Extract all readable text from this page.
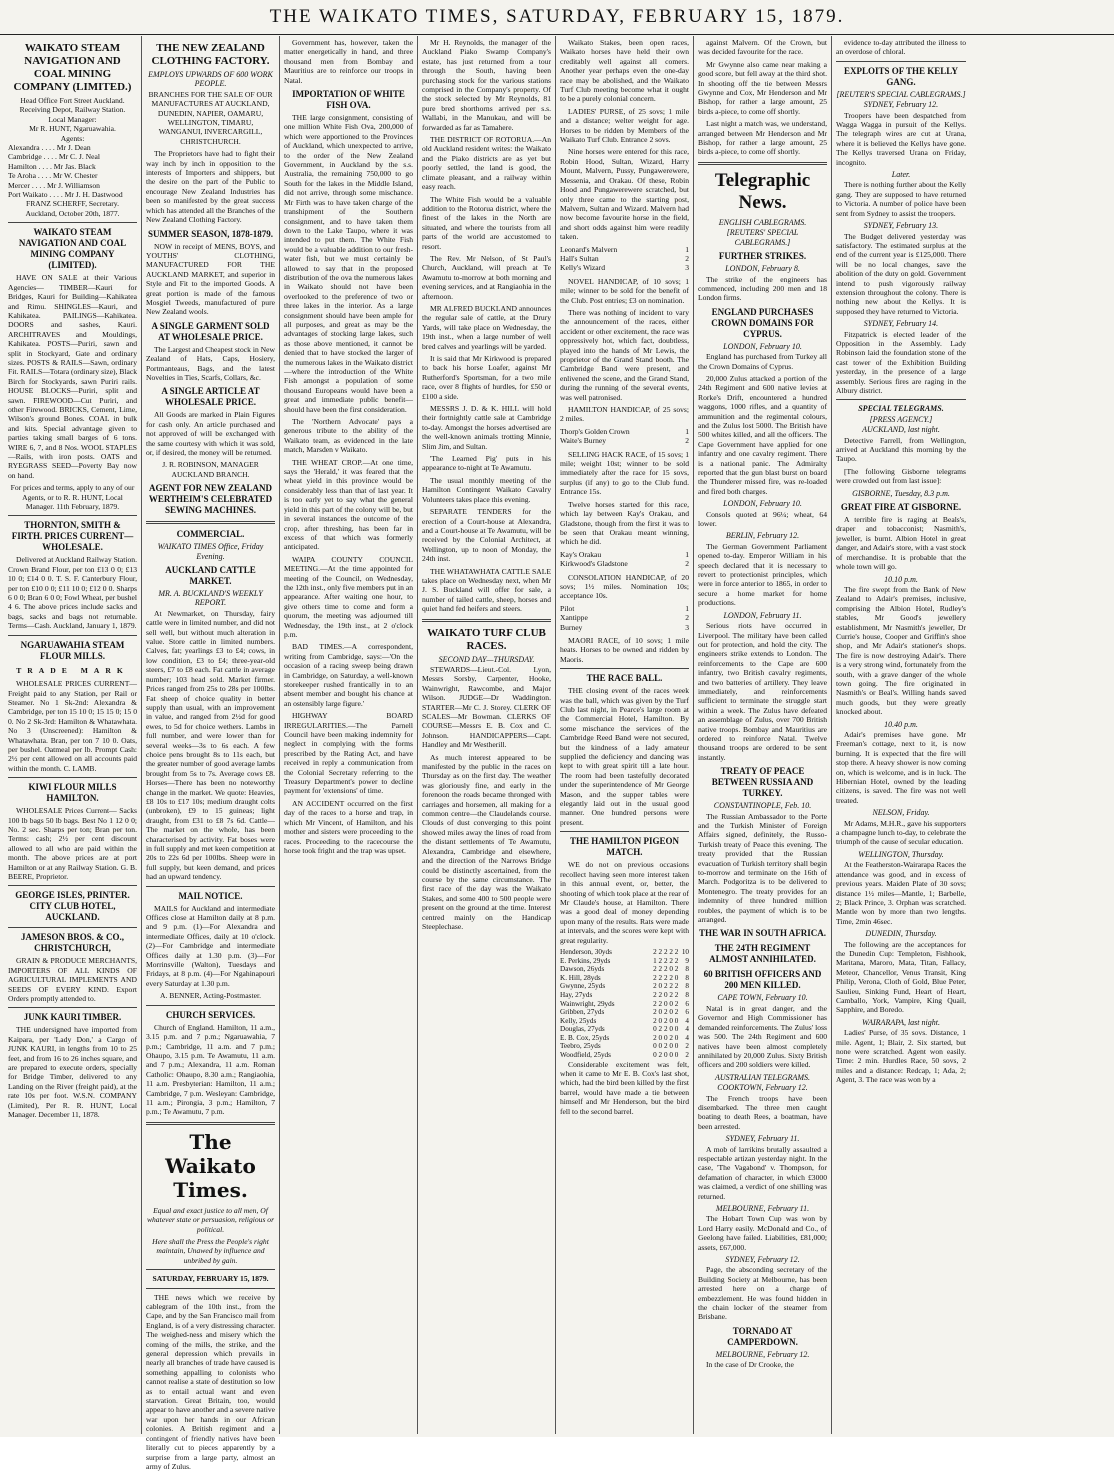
THE WAIKATO TIMES, SATURDAY, FEBRUARY 15, 1879.
WAIKATO STEAM NAVIGATION AND COAL MINING COMPANY (LIMITED.)
Head Office Fort Street Auckland.
Receiving Depot, Railway Station.
Local Manager:
Mr R. HUNT, Ngaruawahia.
Agents:
Alexandra . . . . Mr J. Dean
Cambridge . . . . Mr C. J. Neal
Hamilton . . . . Mr Jas. Black
Te Aroha . . . . Mr W. Chester
Mercer . . . . Mr J. Williamson
Port Waikato . . . . Mr J. H. Dastwood
FRANZ SCHERFF, Secretary.
Auckland, October 20th, 1877.
WAIKATO STEAM NAVIGATION AND COAL MINING COMPANY (LIMITED).

HAVE ON SALE at their Various Agencies— TIMBER—Kauri for Bridges, Kauri for Building—Kahikatea and Rimu. SHINGLES—Kauri, and Kahikatea. PAILINGS—Kahikatea. DOORS and sashes, Kauri. ARCHITRAVES and Mouldings, Kahikatea. POSTS—Puriri, sawn and split in Stockyard, Gate and ordinary sizes. POSTS & RAILS—Sawn, ordinary Fit. RAILS—Totara (ordinary size), Black Birch for Stockyards, sawn Puriri rails. HOUSE BLOCKS—Puriri, split and sawn. FIREWOOD—Cut Puriri, and other Firewood. BRICKS, Cement, Lime, Wilson's ground Bones. COAL in bulk and kits. Special advantage given to parties taking small barges of 6 tons. WIRE 6, 7, and 8 Nos. WOOL STAPLES—Rails, with iron posts. OATS and RYEGRASS SEED—Poverty Bay now on hand.

For prices and terms, apply to any of our Agents, or to R. R. HUNT, Local Manager. 11th February, 1879.

THORNTON, SMITH & FIRTH. PRICES CURRENT—WHOLESALE.

Delivered at Auckland Railway Station. Crown Brand Flour, per ton £13 0 0; £13 10 0; £14 0 0. T. S. F. Canterbury Flour, per ton £10 0 0; £11 10 0; £12 0 0. Sharps 6 0 0; Bran 6 0 0; Fowl Wheat, per bushel 4 6. The above prices include sacks and bags, sacks and bags not returnable. Terms—Cash. Auckland, January 1, 1879.

NGARUAWAHIA STEAM FLOUR MILLS.
TRADE MARK

WHOLESALE PRICES CURRENT— Freight paid to any Station, per Rail or Steamer. No 1 Sk-2nd: Alexandra & Cambridge, per ton 15 10 0; 15 15 0; 15 0 0. No 2 Sk-3rd: Hamilton & Whatawhata. No 3 (Unscreened): Hamilton & Whatawhata. Bran, per ton 7 10 0. Oats, per bushel. Oatmeal per lb. Prompt Cash: 2½ per cent allowed on all accounts paid within the month. C. LAMB.

KIWI FLOUR MILLS HAMILTON.

WHOLESALE Prices Current— Sacks 100 lb bags 50 lb bags. Best No 1 12 0 0; No. 2 sec. Sharps per ton; Bran per ton. Terms: cash; 2½ per cent discount allowed to all who are paid within the month. The above prices are at port Hamilton or at any Railway Station. G. B. BEERE, Proprietor.

GEORGE ISLES, PRINTER. CITY CLUB HOTEL, AUCKLAND.
JAMESON BROS. & CO., CHRISTCHURCH,

GRAIN & PRODUCE MERCHANTS, IMPORTERS OF ALL KINDS OF AGRICULTURAL IMPLEMENTS AND SEEDS OF EVERY KIND. Export Orders promptly attended to.

JUNK KAURI TIMBER.

THE undersigned have imported from Kaipara, per 'Lady Don,' a Cargo of JUNK KAURI, in lengths from 10 to 25 feet, and from 16 to 26 inches square, and are prepared to execute orders, specially for Bridge Timber, delivered to any Landing on the River (freight paid), at the rate 10s per foot. W.S.N. COMPANY (Limited), Per R. R. HUNT, Local Manager. December 11, 1878.

THE NEW ZEALAND CLOTHING FACTORY.
EMPLOYS UPWARDS OF 600 WORK PEOPLE.

BRANCHES FOR THE SALE OF OUR MANUFACTURES AT AUCKLAND, DUNEDIN, NAPIER, OAMARU, WELLINGTON, TIMARU, WANGANUI, INVERCARGILL, CHRISTCHURCH.

The Proprietors have had to fight their way inch by inch in opposition to the interests of Importers and shippers, but the desire on the part of the Public to encourage New Zealand Industries has been so manifested by the great success which has attended all the Branches of the New Zealand Clothing Factory.

SUMMER SEASON, 1878-1879.

NOW in receipt of MENS, BOYS, and YOUTHS' CLOTHING, MANUFACTURED FOR THE AUCKLAND MARKET, and superior in Style and Fit to the imported Goods. A great portion is made of the famous Mosgiel Tweeds, manufactured of pure New Zealand wools.

A SINGLE GARMENT SOLD AT WHOLESALE PRICE.

The Largest and Cheapest stock in New Zealand of Hats, Caps, Hosiery, Portmanteaus, Bags, and the latest Novelties in Ties, Scarfs, Collars, &c.

A SINGLE ARTICLE AT WHOLESALE PRICE.

All Goods are marked in Plain Figures for cash only. An article purchased and not approved of will be exchanged with the same courtesy with which it was sold, or, if desired, the money will be returned.

J. R. ROBINSON, MANAGER AUCKLAND BRANCH.

AGENT FOR NEW ZEALAND WERTHEIM'S CELEBRATED SEWING MACHINES.
COMMERCIAL.
WAIKATO TIMES Office, Friday Evening.
AUCKLAND CATTLE MARKET.
MR. A. BUCKLAND'S WEEKLY REPORT.

At Newmarket, on Thursday, fairy cattle were in limited number, and did not sell well, but without much alteration in value. Store cattle in limited numbers. Calves, fat; yearlings £3 to £4; cows, in low condition, £3 to £4; three-year-old steers, £7 to £8 each. Fat cattle in average number; 103 head sold. Market firmer. Prices ranged from 25s to 28s per 100lbs. Fat sheep of choice quality in better supply than usual, with an improvement in value, and ranged from 2½d for good ewes, to 5d for choice wethers. Lambs in full number, and were lower than for several weeks—3s to 6s each. A few choice pens brought 8s to 11s each, but the greater number of good average lambs brought from 5s to 7s. Average cows £8. Horses—There has been no noteworthy change in the market. We quote: Heavies, £8 10s to £17 10s; medium draught colts (unbroken), £9 to 15 guineas; light draught, from £31 to £8 7s 6d. Cattle—The market on the whole, has been characterised by activity. Fat boses were in full supply and met keen competition at 20s to 22s 6d per 100lbs. Sheep were in full supply, but keen demand, and prices had an upward tendency.

MAIL NOTICE.

MAILS for Auckland and intermediate Offices close at Hamilton daily at 8 p.m. and 9 p.m. (1)—For Alexandra and intermediate Offices, daily at 10 o'clock. (2)—For Cambridge and intermediate Offices daily at 1.30 p.m. (3)—For Morrinsville (Walton), Tuesdays and Fridays, at 8 p.m. (4)—For Ngahinapouri every Saturday at 1.30 p.m.

A. BENNER, Acting-Postmaster.

CHURCH SERVICES.

Church of England. Hamilton, 11 a.m., 3.15 p.m. and 7 p.m.; Ngaruawahia, 7 p.m.; Cambridge, 11 a.m. and 7 p.m.; Ohaupo, 3.15 p.m. Te Awamutu, 11 a.m. and 7 p.m.; Alexandra, 11 a.m. Roman Catholic: Ohaupo, 8.30 a.m.; Rangiaohia, 11 a.m. Presbyterian: Hamilton, 11 a.m.; Cambridge, 7 p.m. Wesleyan: Cambridge, 11 a.m.; Pirongia, 3 p.m.; Hamilton, 7 p.m.; Te Awamutu, 7 p.m.

The Waikato Times.

Equal and exact justice to all men, Of whatever state or persuasion, religious or political.

Here shall the Press the People's right maintain, Unawed by influence and unbribed by gain.

SATURDAY, FEBRUARY 15, 1879.

THE news which we receive by cablegram of the 10th inst., from the Cape, and by the San Francisco mail from England, is of a very distressing character. The weighed-ness and misery which the coming of the mills, the strike, and the general depression which prevails in nearly all branches of trade have caused is something appalling to colonists who cannot realise a state of destitution so low as to entail actual want and even starvation. Great Britain, too, would appear to have another and a severe native war upon her hands in our African colonies. A British regiment and a contingent of friendly natives have been literally cut to pieces apparently by a surprise from a large party, almost an army of Zulus.

Government has, however, taken the matter energetically in hand, and three thousand men from Bombay and Mauritius are to reinforce our troops in Natal.

IMPORTATION OF WHITE FISH OVA.

THE large consignment, consisting of one million White Fish Ova, 200,000 of which were apportioned to the Provinces of Auckland, which unexpected to arrive, to the order of the New Zealand Government, in Auckland by the s.s. Australia, the remaining 750,000 to go South for the lakes in the Middle Island, did not arrive, through some mischance. Mr Firth was to have taken charge of the transhipment of the Southern consignment, and to have taken them down to the Lake Taupo, where it was intended to put them. The White Fish would be a valuable addition to our fresh-water fish, but we must certainly be allowed to say that in the proposed distribution of the ova the numerous lakes in Waikato should not have been overlooked to the preference of two or three lakes in the interior. As a large consignment should have been ample for all purposes, and great as may be the advantages of stocking large lakes, such as those above mentioned, it cannot be denied that to have stocked the larger of the numerous lakes in the Waikato district—where the introduction of the White Fish amongst a population of some thousand Europeans would have been a great and immediate public benefit—should have been the first consideration.

The 'Northern Advocate' pays a generous tribute to the ability of the Waikato team, as evidenced in the late match, Marsden v Waikato.

THE WHEAT CROP.—At one time, says the 'Herald,' it was feared that the wheat yield in this province would be considerably less than that of last year. It is too early yet to say what the general yield in this part of the colony will be, but in several instances the outcome of the crop, after threshing, has been far in excess of that which was formerly anticipated.

WAIPA COUNTY COUNCIL MEETING.—At the time appointed for meeting of the Council, on Wednesday, the 12th inst., only five members put in an appearance. After waiting one hour, to give others time to come and form a quorum, the meeting was adjourned till Wednesday, the 19th inst., at 2 o'clock p.m.

BAD TIMES.—A correspondent, writing from Cambridge, says:—'On the occasion of a racing sweep being drawn in Cambridge, on Saturday, a well-known storekeeper rushed frantically in to an absent member and bought his chance at an ostensibly large figure.'

HIGHWAY BOARD IRREGULARITIES.—The Parnell Council have been making indemnity for neglect in complying with the forms prescribed by the Rating Act, and have received in reply a communication from the Colonial Secretary referring to the Treasury Department's power to decline payment for 'extensions' of time.

AN ACCIDENT occurred on the first day of the races to a horse and trap, in which Mr Vincent, of Hamilton, and his mother and sisters were proceeding to the races. Proceeding to the racecourse the horse took fright and the trap was upset.

Mr H. Reynolds, the manager of the Auckland Piako Swamp Company's estate, has just returned from a tour through the South, having been purchasing stock for the various stations comprised in the Company's property. Of the stock selected by Mr Reynolds, 81 pure bred shorthorns arrived per s.s. Wallabi, in the Manukau, and will be forwarded as far as Tamahere.

THE DISTRICT OF ROTORUA.—An old Auckland resident writes: the Waikato and the Piako districts are as yet but poorly settled, the land is good, the climate pleasant, and a railway within easy reach.

The White Fish would be a valuable addition to the Rotorua district, where the finest of the lakes in the North are situated, and where the tourists from all parts of the world are accustomed to resort.

The Rev. Mr Nelson, of St Paul's Church, Auckland, will preach at Te Awamutu to-morrow at both morning and evening services, and at Rangiaohia in the afternoon.

MR ALFRED BUCKLAND announces the regular sale of cattle, at the Drury Yards, will take place on Wednesday, the 19th inst., when a large number of well bred calves and yearlings will be yarded.

It is said that Mr Kirkwood is prepared to back his horse Loafer, against Mr Rutherford's Sportsman, for a two mile race, over 8 flights of hurdles, for £50 or £100 a side.

MESSRS J. D. & K. HILL will hold their fortnightly cattle sale at Cambridge to-day. Amongst the horses advertised are the well-known animals trotting Minnie, Slim Jim, and Sultan.

'The Learned Pig' puts in his appearance to-night at Te Awamutu.

The usual monthly meeting of the Hamilton Contingent Waikato Cavalry Volunteers takes place this evening.

SEPARATE TENDERS for the erection of a Court-house at Alexandra, and a Court-house at Te Awamutu, will be received by the Colonial Architect, at Wellington, up to noon of Monday, the 24th inst.

THE WHATAWHATA CATTLE SALE takes place on Wednesday next, when Mr J. S. Buckland will offer for sale, a number of tailed cattle, sheep, horses and quiet hand fed heifers and steers.

WAIKATO TURF CLUB RACES.
SECOND DAY—THURSDAY.

STEWARDS—Lieut.-Col. Lyon, Messrs Sorsby, Carpenter, Hooke, Wainwright, Rawcombe, and Major Wilson. JUDGE—Dr Waddington. STARTER—Mr C. J. Storey. CLERK OF SCALES—Mr Bowman. CLERKS OF COURSE—Messrs E. B. Cox and C. Johnson. HANDICAPPERS—Capt. Handley and Mr Westherill.

As much interest appeared to be manifested by the public in the races on Thursday as on the first day. The weather was gloriously fine, and early in the forenoon the roads became thronged with carriages and horsemen, all making for a common centre—the Claudelands course. Clouds of dust converging to this point showed miles away the lines of road from the distant settlements of Te Awamutu, Alexandra, Cambridge and elsewhere, and the direction of the Narrows Bridge could be distinctly ascertained, from the course by the same circumstance. The first race of the day was the Waikato Stakes, and some 400 to 500 people were present on the ground at the time. Interest centred mainly on the Handicap Steeplechase.

Waikato Stakes, been open races, Waikato horses have held their own creditably well against all comers. Another year perhaps even the one-day race may be abolished, and the Waikato Turf Club meeting become what it ought to be a purely colonial concern.

LADIES' PURSE, of 25 sovs; 1 mile and a distance; welter weight for age. Horses to be ridden by Members of the Waikato Turf Club. Entrance 2 sovs.

Nine horses were entered for this race, Robin Hood, Sultan, Wizard, Harry Mount, Malvern, Pussy, Pungawerewere, Messenia, and Orakau. Of these, Robin Hood and Pungawerewere scratched, but only three came to the starting post, Malvern, Sultan and Wizard. Malvern had now become favourite horse in the field, and short odds against him were readily taken.

Leonard's Malvern	1
Hall's Sultan	2
Kelly's Wizard	3

NOVEL HANDICAP, of 10 sovs; 1 mile; winner to be sold for the benefit of the Club. Post entries; £3 on nomination.

There was nothing of incident to vary the announcement of the races, either accident or other excitement, the race was oppressively hot, which fact, doubtless, played into the hands of Mr Lewis, the proprietor of the Grand Stand booth. The Cambridge Band were present, and enlivened the scene, and the Grand Stand, during the running of the several events, was well patronised.

HAMILTON HANDICAP, of 25 sovs; 2 miles.

Thorp's Golden Crown	1
Waite's Burney	2

SELLING HACK RACE, of 15 sovs; 1 mile; weight 10st; winner to be sold immediately after the race for 15 sovs, surplus (if any) to go to the Club fund. Entrance 15s.

Twelve horses started for this race, which lay between Kay's Orakau, and Gladstone, though from the first it was to be seen that Orakau meant winning, which he did.

Kay's Orakau	1
Kirkwood's Gladstone	2

CONSOLATION HANDICAP, of 20 sovs; 1½ miles. Nomination 10s; acceptance 10s.

Pilot	1
Xantippe	2
Burney	3

MAORI RACE, of 10 sovs; 1 mile heats. Horses to be owned and ridden by Maoris.

THE RACE BALL.

THE closing event of the races week was the ball, which was given by the Turf Club last night, in Pearce's large room at the Commercial Hotel, Hamilton. By some mischance the services of the Cambridge Reed Band were not secured, but the kindness of a lady amateur supplied the deficiency and dancing was kept to with great spirit till a late hour. The room had been tastefully decorated under the superintendence of Mr George Mason, and the supper tables were elegantly laid out in the usual good manner. One hundred persons were present.

THE HAMILTON PIGEON MATCH.

WE do not on previous occasions recollect having seen more interest taken in this annual event, or, better, the shooting of which took place at the rear of Mr Claude's house, at Hamilton. There was a good deal of money depending upon many of the results. Rats were made at intervals, and the scores were kept with great regularity.

Henderson, 30yds	2 2 2 2 2	10
E. Perkins, 29yds	1 2 2 2 2	9
Dawson, 26yds	2 2 2 0 2	8
K. Hill, 28yds	2 2 2 2 0	8
Gwynne, 25yds	2 0 2 2 2	8
Hay, 27yds	2 2 0 2 2	8
Wainwright, 29yds	2 2 0 0 2	6
Gribben, 27yds	2 0 2 0 2	6
Kelly, 25yds	2 0 2 0 0	4
Douglas, 27yds	0 2 2 0 0	4
E. B. Cox, 25yds	2 0 0 2 0	4
Teebro, 25yds	0 0 2 0 0	2
Woodfield, 25yds	0 2 0 0 0	2

Considerable excitement was felt, when it came to Mr E. B. Cox's last shot, which, had the bird been killed by the first barrel, would have made a tie between himself and Mr Henderson, but the bird fell to the second barrel.

against Malvern. Of the Crown, but was decided favourite for the race.

Mr Gwynne also came near making a good score, but fell away at the third shot. In shooting off the tie between Messrs Gwynne and Cox, Mr Henderson and Mr Bishop, for rather a large amount, 25 birds a-piece, to come off shortly.

Last night a match was, we understand, arranged between Mr Henderson and Mr Bishop, for rather a large amount, 25 birds a-piece, to come off shortly.

Telegraphic News.
ENGLISH CABLEGRAMS.
[REUTERS' SPECIAL CABLEGRAMS.]
FURTHER STRIKES.
LONDON, February 8.

The strike of the engineers has commenced, including 200 men and 18 London firms.

ENGLAND PURCHASES CROWN DOMAINS FOR CYPRUS.
LONDON, February 10.

England has purchased from Turkey all the Crown Domains of Cyprus.

20,000 Zulus attacked a portion of the 24th Regiment and 600 native levies at Rorke's Drift, encountered a hundred waggons, 1000 rifles, and a quantity of ammunition and the regimental colours, and the Zulus lost 5000. The British have 500 whites killed, and all the officers. The Cape Government have applied for one infantry and one cavalry regiment. There is a national panic. The Admiralty reported that the gun blast burst on board the Thunderer missed fire, was re-loaded and fired both charges.

LONDON, February 10.

Consols quoted at 96¼; wheat, 64 lower.

BERLIN, February 12.

The German Government Parliament opened to-day. Emperor William in his speech declared that it is necessary to revert to protectionist principles, which were in force anterior to 1865, in order to secure a home market for home productions.

LONDON, February 11.

Serious riots have occurred in Liverpool. The military have been called out for protection, and hold the city. The engineers strike extends to London. The reinforcements to the Cape are 600 infantry, two British cavalry regiments, and two batteries of artillery. They leave immediately, and reinforcements sufficient to terminate the struggle start within a week. The Zulus have defeated an assemblage of Zulus, over 700 British native troops. Bombay and Mauritius are ordered to reinforce Natal. Twelve thousand troops are ordered to be sent instantly.

TREATY OF PEACE BETWEEN RUSSIA AND TURKEY.
CONSTANTINOPLE, Feb. 10.

The Russian Ambassador to the Porte and the Turkish Minister of Foreign Affairs signed, definitely, the Russo-Turkish treaty of Peace this evening. The treaty provided that the Russian evacuation of Turkish territory shall begin to-morrow and terminate on the 16th of March. Podgoritza is to be delivered to Montenegro. The treaty provides for an indemnity of three hundred million roubles, the payment of which is to be arranged.

THE WAR IN SOUTH AFRICA.
THE 24TH REGIMENT ALMOST ANNIHILATED.
60 BRITISH OFFICERS AND 200 MEN KILLED.
CAPE TOWN, February 10.

Natal is in great danger, and the Governor and High Commissioner has demanded reinforcements. The Zulus' loss was 500. The 24th Regiment and 600 natives have been almost completely annihilated by 20,000 Zulus. Sixty British officers and 200 soldiers were killed.

AUSTRALIAN TELEGRAMS.
COOKTOWN, February 12.

The French troops have been disembarked. The three men caught boating to death Rees, a boatman, have been arrested.

SYDNEY, February 11.

A mob of larrikins brutally assaulted a respectable artizan yesterday night. In the case, 'The Vagabond' v. Thompson, for defamation of character, in which £3000 was claimed, a verdict of one shilling was returned.

MELBOURNE, February 11.

The Hobart Town Cup was won by Lord Harry easily. McDonald and Co., of Geelong have failed. Liabilities, £81,000; assets, £67,000.

SYDNEY, February 12.

Page, the absconding secretary of the Building Society at Melbourne, has been arrested here on a charge of embezzlement. He was found hidden in the chain locker of the steamer from Brisbane.

TORNADO AT CAMPERDOWN.
MELBOURNE, February 12.

In the case of Dr Crooke, the

evidence to-day attributed the illness to an overdose of chloral.

EXPLOITS OF THE KELLY GANG.
[REUTER'S SPECIAL CABLEGRAMS.]
SYDNEY, February 12.

Troopers have been despatched from Wagga Wagga in pursuit of the Kellys. The telegraph wires are cut at Urana, where it is believed the Kellys have gone. The Kellys traversed Urana on Friday, incognito.

Later.

There is nothing further about the Kelly gang. They are supposed to have returned to Victoria. A number of police have been sent from Sydney to assist the troopers.

SYDNEY, February 13.

The Budget delivered yesterday was satisfactory. The estimated surplus at the end of the current year is £125,000. There will be no local changes, save the abolition of the duty on gold. Government intend to push vigorously railway extension throughout the colony. There is nothing new about the Kellys. It is supposed they have returned to Victoria.

SYDNEY, February 14.

Fitzpatrick is elected leader of the Opposition in the Assembly. Lady Robinson laid the foundation stone of the cast tower of the Exhibition Building yesterday, in the presence of a large assembly. Serious fires are raging in the Albury district.

SPECIAL TELEGRAMS.
[PRESS AGENCY.]
AUCKLAND, last night.

Detective Farrell, from Wellington, arrived at Auckland this morning by the Taupo.

[The following Gisborne telegrams were crowded out from last issue]:

GISBORNE, Tuesday, 8.3 p.m.
GREAT FIRE AT GISBORNE.

A terrible fire is raging at Beals's, draper and tobacconist; Nasmith's, jeweller, is burnt. Albion Hotel in great danger, and Adair's store, with a vast stock of merchandise. It is probable that the whole town will go.

10.10 p.m.

The fire swept from the Bank of New Zealand to Adair's premises, inclusive, comprising the Albion Hotel, Rudley's stables, Mr Good's jewellery establishment, Mr Nasmith's jeweller, Dr Currie's house, Cooper and Griffin's shoe shop, and Mr Adair's stationer's shops. The fire is now destroying Adair's. There is a very strong wind, fortunately from the south, with a grave danger of the whole town going. The fire originated in Nasmith's or Beal's. Willing hands saved much goods, but they were greatly knocked about.

10.40 p.m.

Adair's premises have gone. Mr Freeman's cottage, next to it, is now burning. It is expected that the fire will stop there. A heavy shower is now coming on, which is welcome, and is in luck. The Hibernian Hotel, owned by the leading citizens, is saved. The fire was not well treated.

NELSON, Friday.

Mr Adams, M.H.R., gave his supporters a champagne lunch to-day, to celebrate the triumph of the cause of secular education.

WELLINGTON, Thursday.

At the Featherston-Wairarapa Races the attendance was good, and in excess of previous years. Maiden Plate of 30 sovs; distance 1½ miles—Mantle, 1; Barbelle, 2; Black Prince, 3. Orphan was scratched. Mantle won by more than two lengths. Time, 2min 46sec.

DUNEDIN, Thursday.

The following are the acceptances for the Dunedin Cup: Templeton, Fishhook, Maritana, Maroro, Mata, Titan, Fallacy, Meteor, Chancellor, Venus Transit, King Philip, Verona, Cloth of Gold, Blue Peter, Saulieu, Sinking Fund, Heart of Heart, Camballo, York, Vampire, King Quail, Sapphire, and Boredo.

WAIRARAPA, last night.

Ladies' Purse, of 35 sovs. Distance, 1 mile. Agent, 1; Blair, 2. Six started, but none were scratched. Agent won easily. Time: 2 min. Hurdles Race, 50 sovs, 2 miles and a distance: Redcap, 1; Ada, 2; Agent, 3. The race was won by a
